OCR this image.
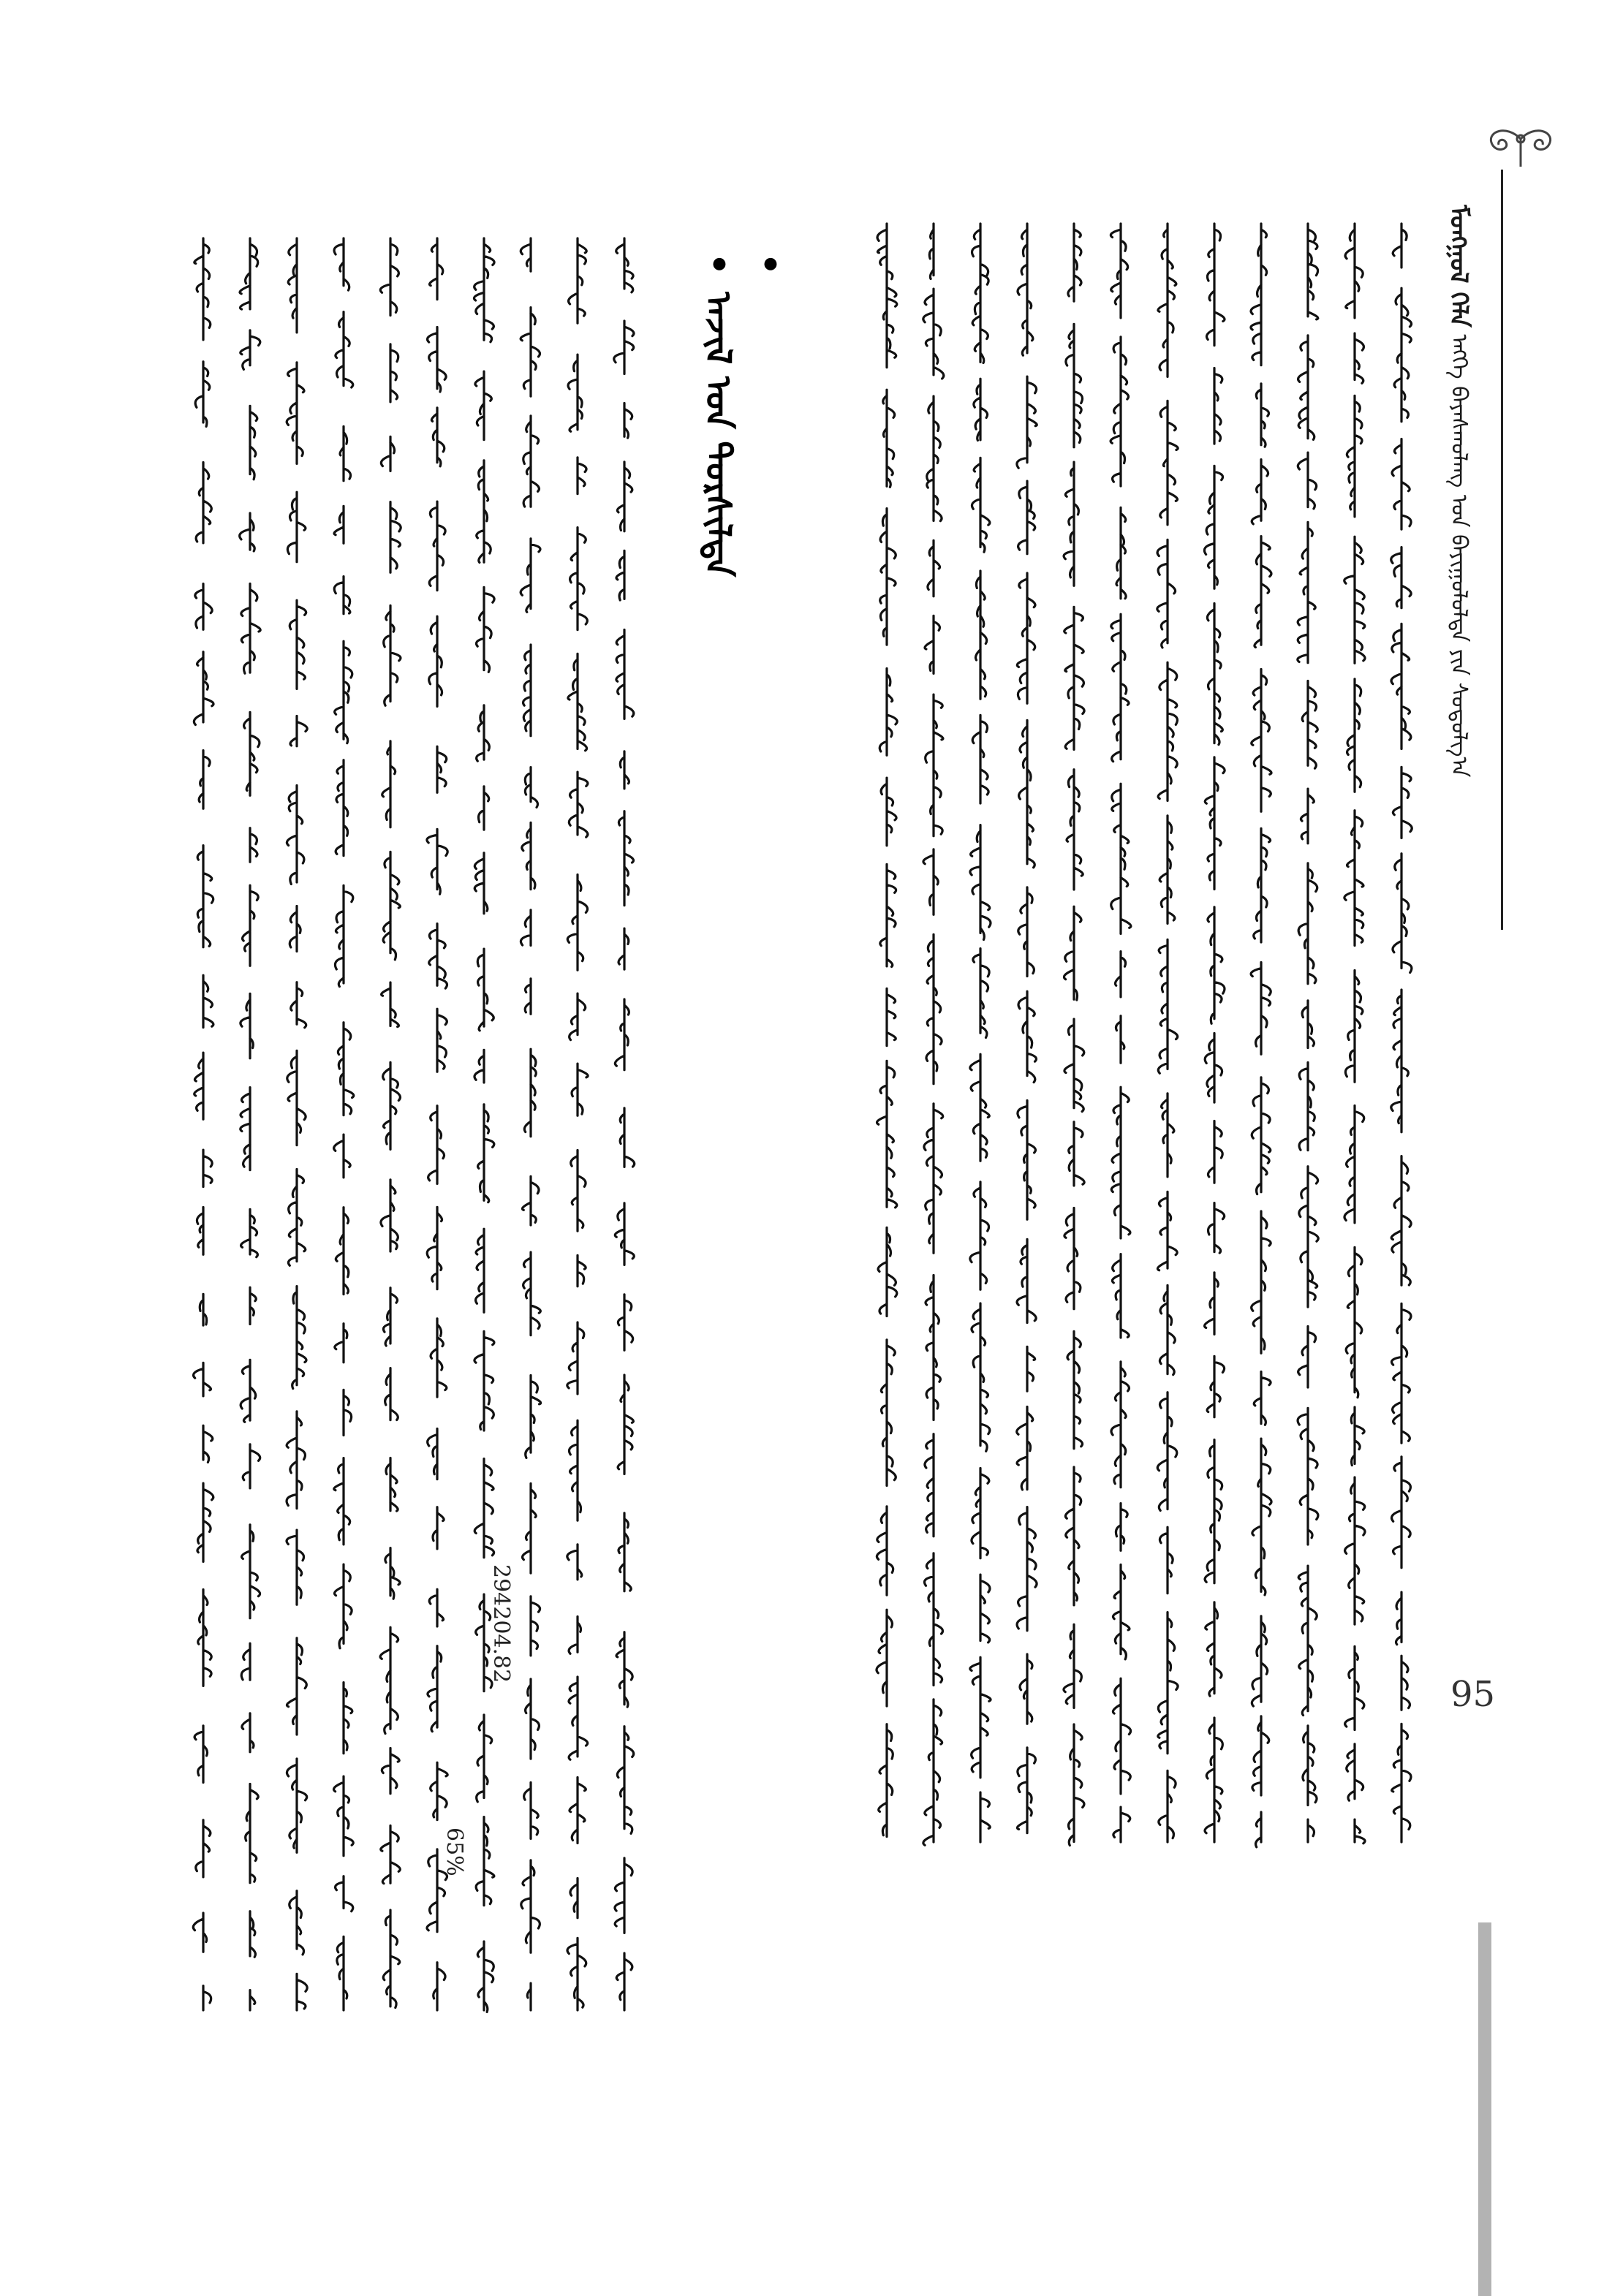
ᠮᠣᠩᠭᠣᠯ ᠬᠡᠯᠡ ᠡᠩᠬᠡ ᠪᠠᠶᠠᠰᠬᠤᠯᠠᠩ ᠤᠨ ᠪᠠᠶᠢᠭᠤᠯᠤᠯᠲᠠ ᠶᠢᠨ ᠰᠤᠳᠤᠯᠭ᠎ᠠ
• ᠠᠵᠢᠯ ᠤᠨ ᠲᠤᠷᠰᠢᠯᠲᠠ •
294204.82
65%
95
